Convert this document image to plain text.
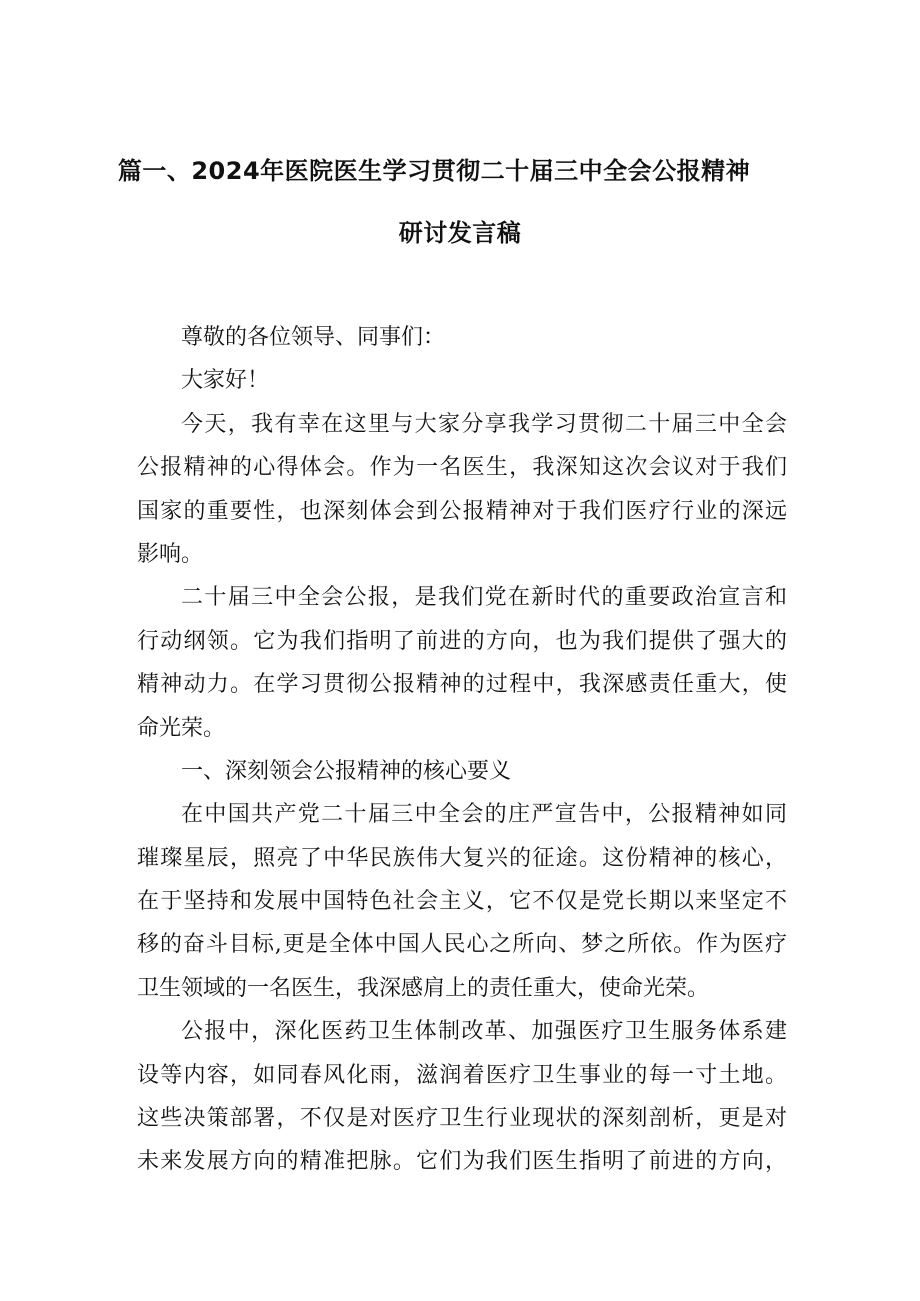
篇一、2024年医院医生学习贯彻二十届三中全会公报精神
研讨发言稿
尊敬的各位领导、同事们：
大家好！
今天，我有幸在这里与大家分享我学习贯彻二十届三中全会
公报精神的心得体会。作为一名医生，我深知这次会议对于我们
国家的重要性，也深刻体会到公报精神对于我们医疗行业的深远
影响。
二十届三中全会公报，是我们党在新时代的重要政治宣言和
行动纲领。它为我们指明了前进的方向，也为我们提供了强大的
精神动力。在学习贯彻公报精神的过程中，我深感责任重大，使
命光荣。
一、深刻领会公报精神的核心要义
在中国共产党二十届三中全会的庄严宣告中，公报精神如同
璀璨星辰，照亮了中华民族伟大复兴的征途。这份精神的核心，
在于坚持和发展中国特色社会主义，它不仅是党长期以来坚定不
移的奋斗目标,更是全体中国人民心之所向、梦之所依。作为医疗
卫生领域的一名医生，我深感肩上的责任重大，使命光荣。
公报中，深化医药卫生体制改革、加强医疗卫生服务体系建
设等内容，如同春风化雨，滋润着医疗卫生事业的每一寸土地。
这些决策部署，不仅是对医疗卫生行业现状的深刻剖析，更是对
未来发展方向的精准把脉。它们为我们医生指明了前进的方向，
